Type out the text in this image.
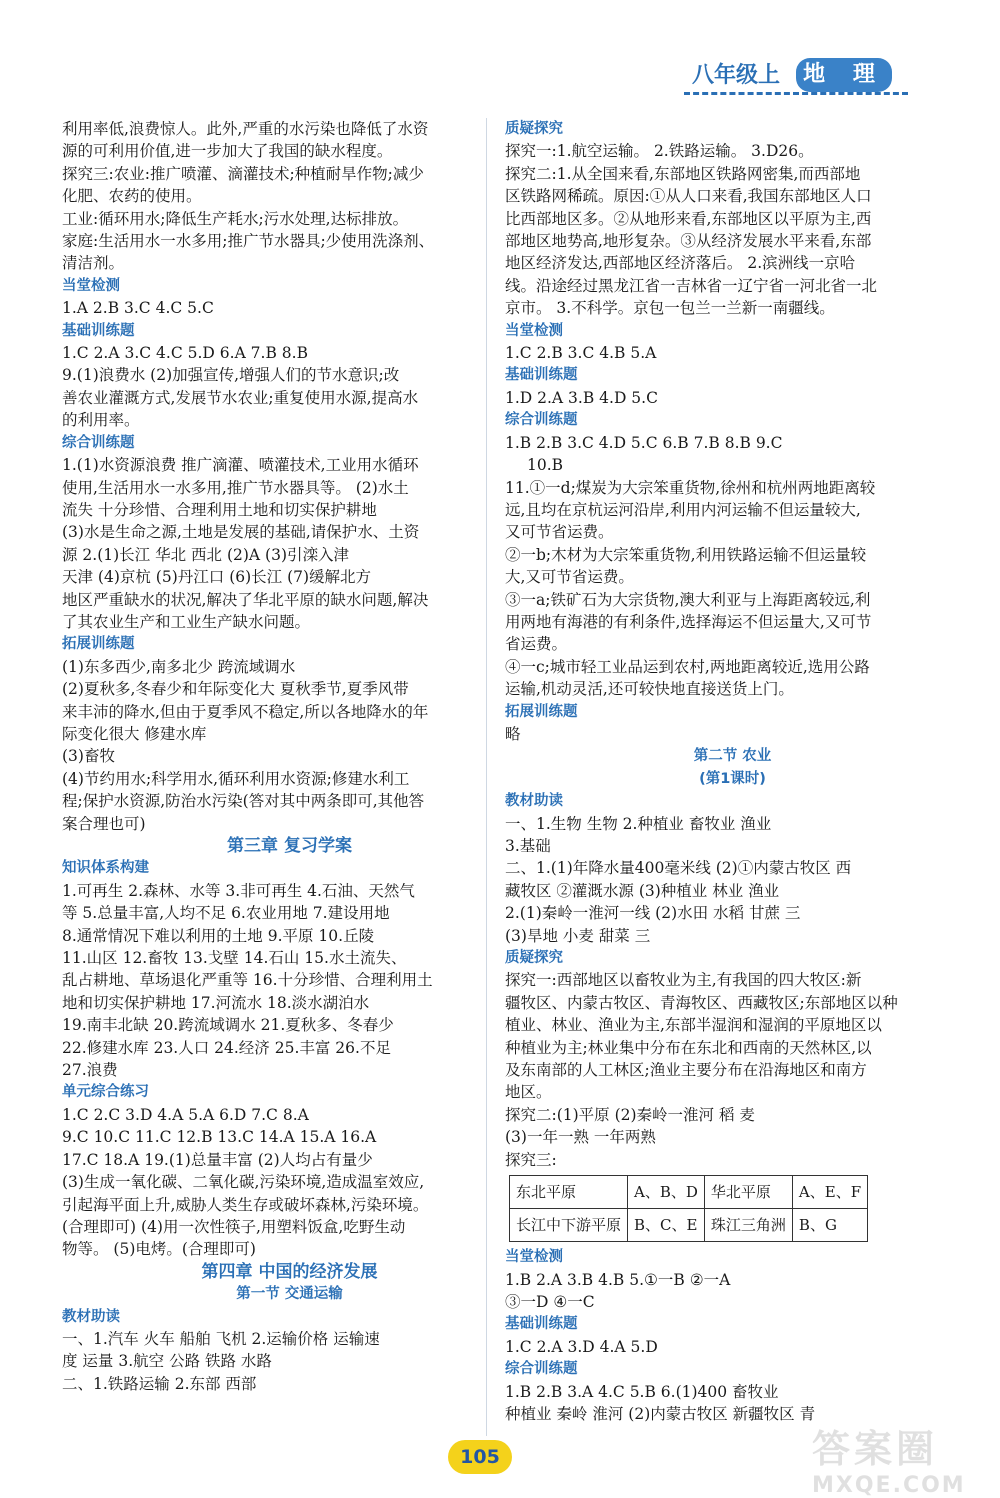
八年级上	地 理

利用率低,浪费惊人。此外,严重的水污染也降低了水资

源的可利用价值,进一步加大了我国的缺水程度。

探究三:农业:推广喷灌、滴灌技术;种植耐旱作物;减少

化肥、农药的使用。

工业:循环用水;降低生产耗水;污水处理,达标排放。

家庭:生活用水一水多用;推广节水器具;少使用洗涤剂、

清洁剂。

当堂检测

1.A 2.B 3.C 4.C 5.C

基础训练题

1.C 2.A 3.C 4.C 5.D 6.A 7.B 8.B

9.(1)浪费水 (2)加强宣传,增强人们的节水意识;改

善农业灌溉方式,发展节水农业;重复使用水源,提高水

的利用率。

综合训练题

1.(1)水资源浪费 推广滴灌、喷灌技术,工业用水循环

使用,生活用水一水多用,推广节水器具等。 (2)水土

流失 十分珍惜、合理利用土地和切实保护耕地

(3)水是生命之源,土地是发展的基础,请保护水、土资

源 2.(1)长江 华北 西北 (2)A (3)引滦入津

天津 (4)京杭 (5)丹江口 (6)长江 (7)缓解北方

地区严重缺水的状况,解决了华北平原的缺水问题,解决

了其农业生产和工业生产缺水问题。

拓展训练题

(1)东多西少,南多北少 跨流域调水

(2)夏秋多,冬春少和年际变化大 夏秋季节,夏季风带

来丰沛的降水,但由于夏季风不稳定,所以各地降水的年

际变化很大 修建水库

(3)畜牧

(4)节约用水;科学用水,循环利用水资源;修建水利工

程;保护水资源,防治水污染(答对其中两条即可,其他答

案合理也可)

第三章 复习学案

知识体系构建

1.可再生 2.森林、水等 3.非可再生 4.石油、天然气

等 5.总量丰富,人均不足 6.农业用地 7.建设用地

8.通常情况下难以利用的土地 9.平原 10.丘陵

11.山区 12.畜牧 13.戈壁 14.石山 15.水土流失、

乱占耕地、草场退化严重等 16.十分珍惜、合理利用土

地和切实保护耕地 17.河流水 18.淡水湖泊水

19.南丰北缺 20.跨流域调水 21.夏秋多、冬春少

22.修建水库 23.人口 24.经济 25.丰富 26.不足

27.浪费

单元综合练习

1.C 2.C 3.D 4.A 5.A 6.D 7.C 8.A

9.C 10.C 11.C 12.B 13.C 14.A 15.A 16.A

17.C 18.A 19.(1)总量丰富 (2)人均占有量少

(3)生成一氧化碳、二氧化碳,污染环境,造成温室效应,

引起海平面上升,威胁人类生存或破坏森林,污染环境。

(合理即可) (4)用一次性筷子,用塑料饭盒,吃野生动

物等。 (5)电烤。(合理即可)

第四章 中国的经济发展

第一节 交通运输

教材助读

一、1.汽车 火车 船舶 飞机 2.运输价格 运输速

度 运量 3.航空 公路 铁路 水路

二、1.铁路运输 2.东部 西部

质疑探究

探究一:1.航空运输。 2.铁路运输。 3.D26。

探究二:1.从全国来看,东部地区铁路网密集,而西部地

区铁路网稀疏。原因:①从人口来看,我国东部地区人口

比西部地区多。②从地形来看,东部地区以平原为主,西

部地区地势高,地形复杂。③从经济发展水平来看,东部

地区经济发达,西部地区经济落后。 2.滨洲线一京哈

线。沿途经过黑龙江省一吉林省一辽宁省一河北省一北

京市。 3.不科学。京包一包兰一兰新一南疆线。

当堂检测

1.C 2.B 3.C 4.B 5.A

基础训练题

1.D 2.A 3.B 4.D 5.C

综合训练题

1.B 2.B 3.C 4.D 5.C 6.B 7.B 8.B 9.C

10.B

11.①一d;煤炭为大宗笨重货物,徐州和杭州两地距离较

远,且均在京杭运河沿岸,利用内河运输不但运量较大,

又可节省运费。

②一b;木材为大宗笨重货物,利用铁路运输不但运量较

大,又可节省运费。

③一a;铁矿石为大宗货物,澳大利亚与上海距离较远,利

用两地有海港的有利条件,选择海运不但运量大,又可节

省运费。

④一c;城市轻工业品运到农村,两地距离较近,选用公路

运输,机动灵活,还可较快地直接送货上门。

拓展训练题

略

第二节 农业

(第1课时)

教材助读

一、1.生物 生物 2.种植业 畜牧业 渔业

3.基础

二、1.(1)年降水量400毫米线 (2)①内蒙古牧区 西

藏牧区 ②灌溉水源 (3)种植业 林业 渔业

2.(1)秦岭一淮河一线 (2)水田 水稻 甘蔗 三

(3)旱地 小麦 甜菜 三

质疑探究

探究一:西部地区以畜牧业为主,有我国的四大牧区:新

疆牧区、内蒙古牧区、青海牧区、西藏牧区;东部地区以种

植业、林业、渔业为主,东部半湿润和湿润的平原地区以

种植业为主;林业集中分布在东北和西南的天然林区,以

及东南部的人工林区;渔业主要分布在沿海地区和南方

地区。

探究二:(1)平原 (2)秦岭一淮河 稻 麦

(3)一年一熟 一年两熟

探究三:

东北平原	A、B、D	华北平原	A、E、F
长江中下游平原	B、C、E	珠江三角洲	B、G

当堂检测

1.B 2.A 3.B 4.B 5.①一B ②一A

③一D ④一C

基础训练题

1.C 2.A 3.D 4.A 5.D

综合训练题

1.B 2.B 3.A 4.C 5.B 6.(1)400 畜牧业

种植业 秦岭 淮河 (2)内蒙古牧区 新疆牧区 青

105	答案圈
MXQE.COM
